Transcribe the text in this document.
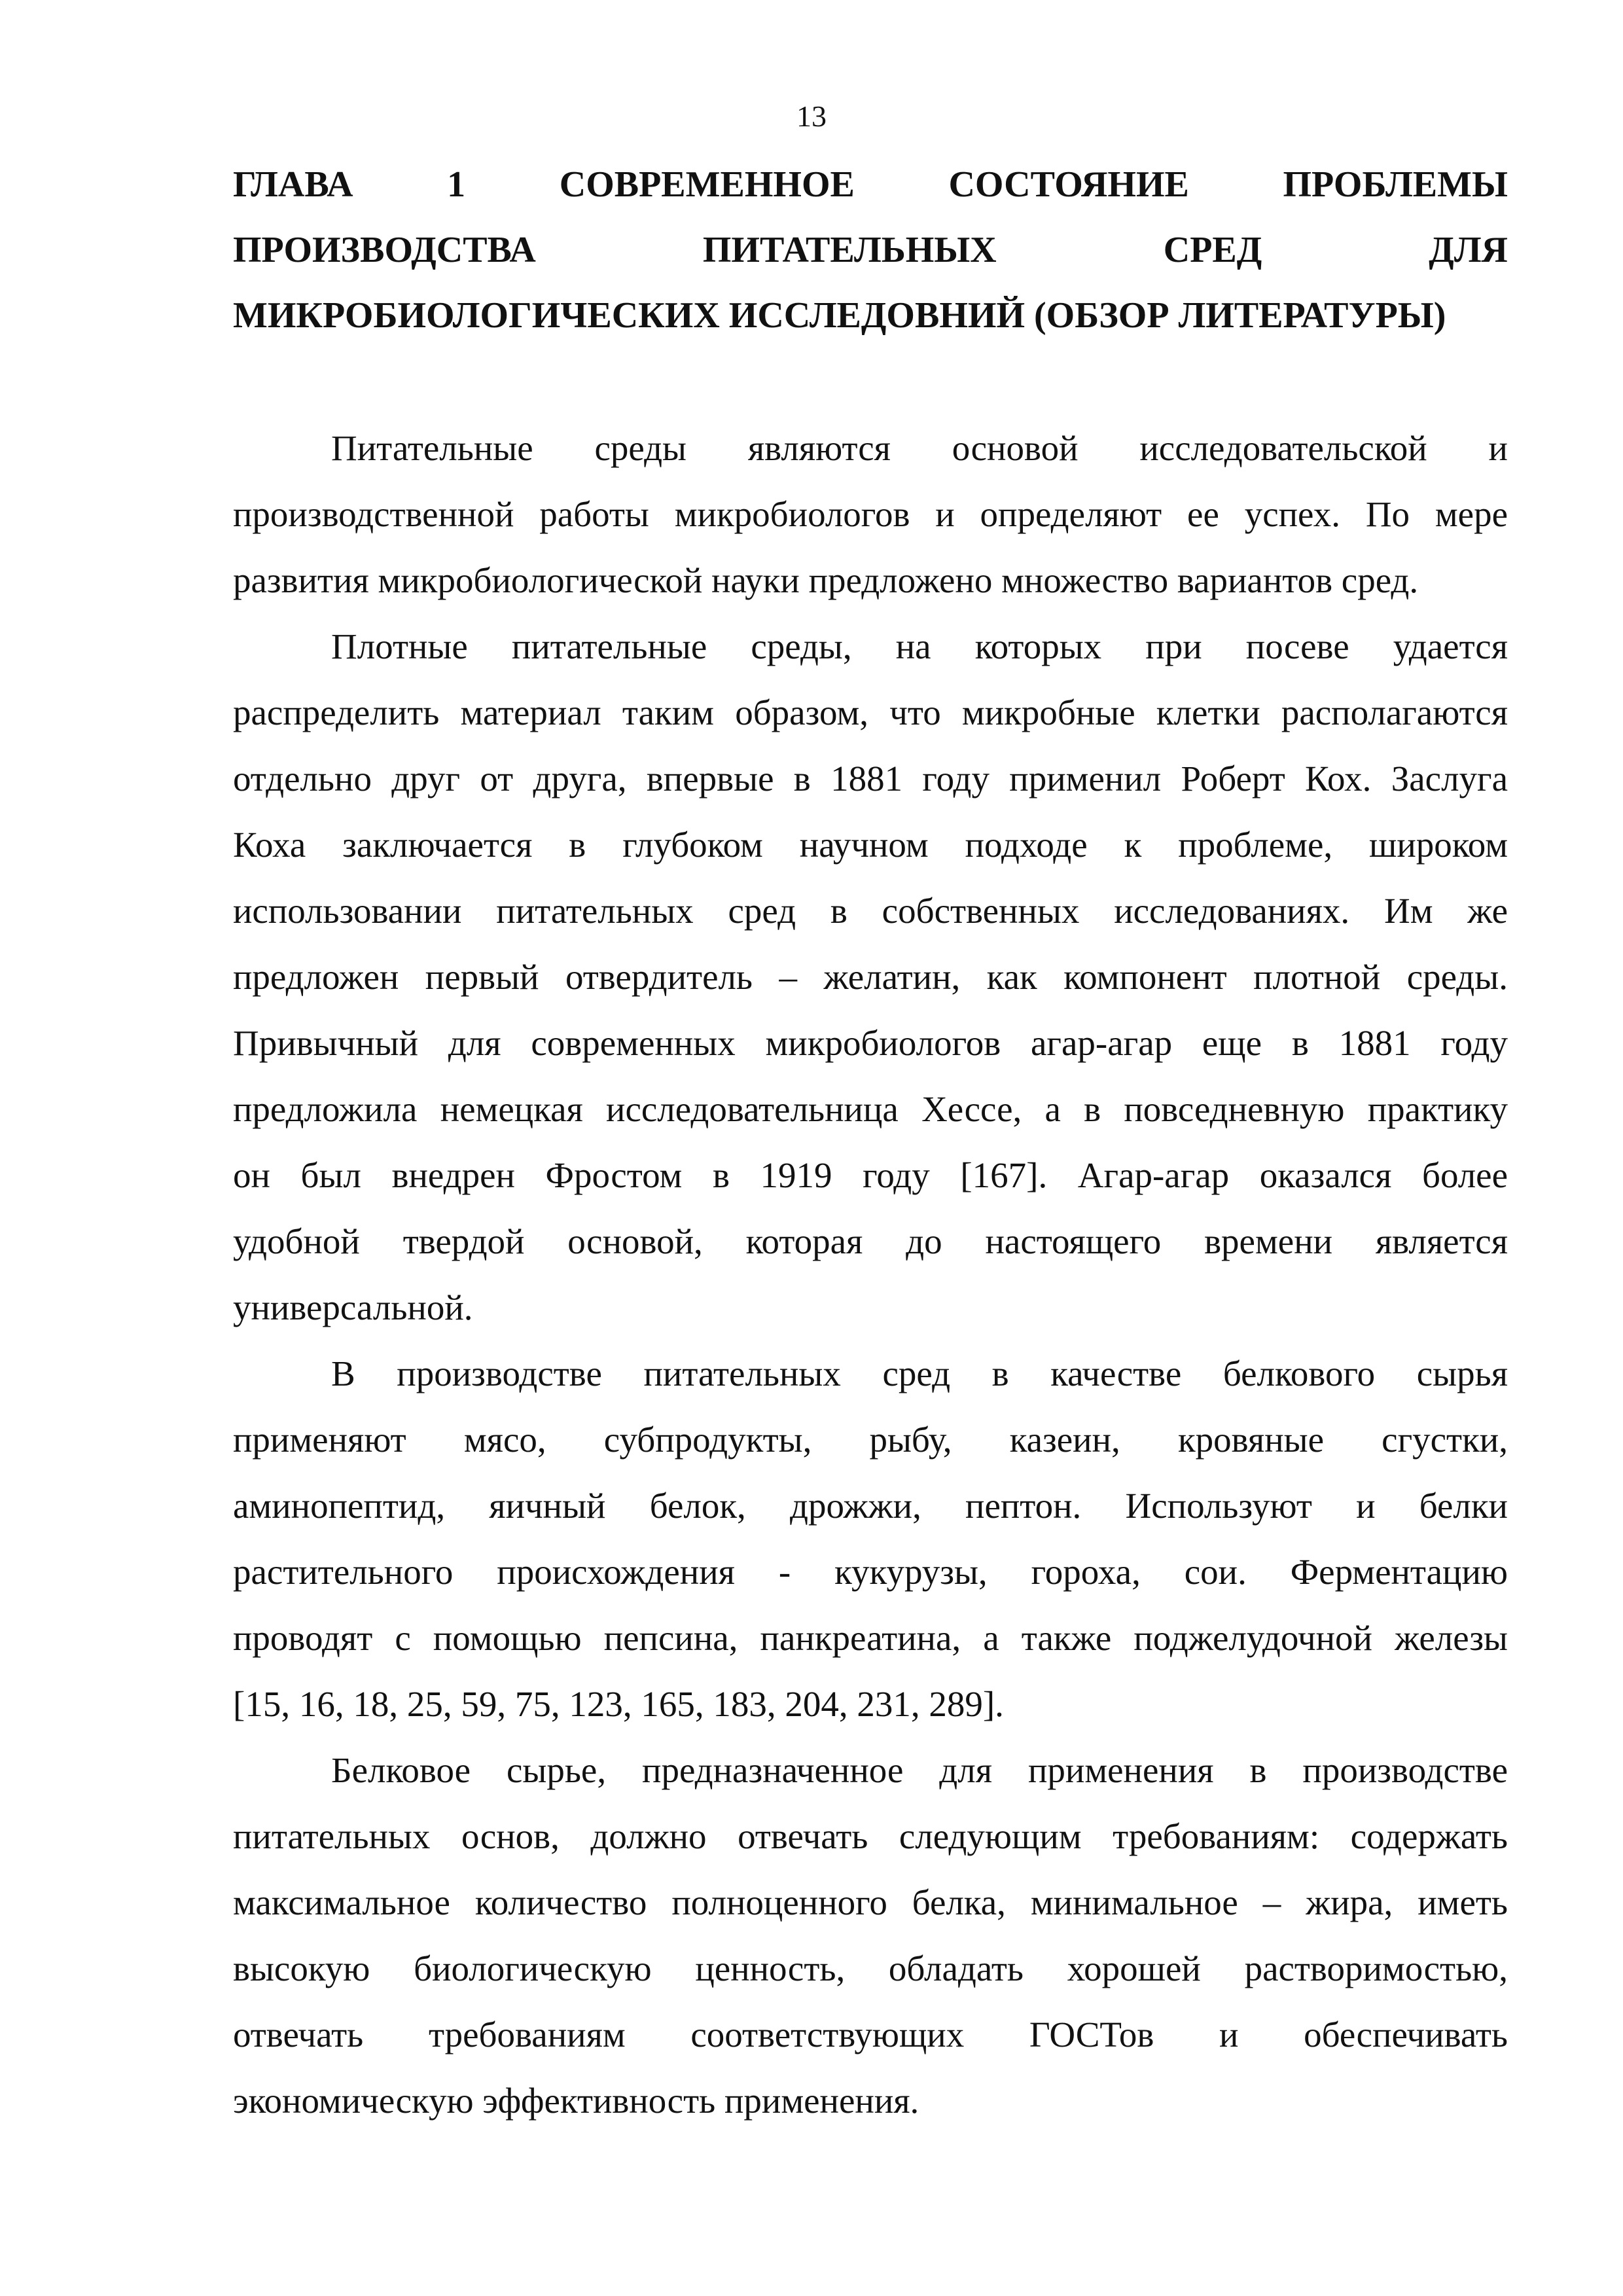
13
ГЛАВА 1 СОВРЕМЕННОЕ СОСТОЯНИЕ ПРОБЛЕМЫ
ПРОИЗВОДСТВА ПИТАТЕЛЬНЫХ СРЕД ДЛЯ
МИКРОБИОЛОГИЧЕСКИХ ИССЛЕДОВНИЙ (ОБЗОР ЛИТЕРАТУРЫ)

Питательные среды являются основой исследовательской и
производственной работы микробиологов и определяют ее успех. По мере
развития микробиологической науки предложено множество вариантов сред.

Плотные питательные среды, на которых при посеве удается
распределить материал таким образом, что микробные клетки располагаются
отдельно друг от друга, впервые в 1881 году применил Роберт Кох. Заслуга
Коха заключается в глубоком научном подходе к проблеме, широком
использовании питательных сред в собственных исследованиях. Им же
предложен первый отвердитель – желатин, как компонент плотной среды.
Привычный для современных микробиологов агар-агар еще в 1881 году
предложила немецкая исследовательница Хессе, а в повседневную практику
он был внедрен Фростом в 1919 году [167]. Агар-агар оказался более
удобной твердой основой, которая до настоящего времени является
универсальной.

В производстве питательных сред в качестве белкового сырья
применяют мясо, субпродукты, рыбу, казеин, кровяные сгустки,
аминопептид, яичный белок, дрожжи, пептон. Используют и белки
растительного происхождения - кукурузы, гороха, сои. Ферментацию
проводят с помощью пепсина, панкреатина, а также поджелудочной железы
[15, 16, 18, 25, 59, 75, 123, 165, 183, 204, 231, 289].

Белковое сырье, предназначенное для применения в производстве
питательных основ, должно отвечать следующим требованиям: содержать
максимальное количество полноценного белка, минимальное – жира, иметь
высокую биологическую ценность, обладать хорошей растворимостью,
отвечать требованиям соответствующих ГОСТов и обеспечивать
экономическую эффективность применения.
